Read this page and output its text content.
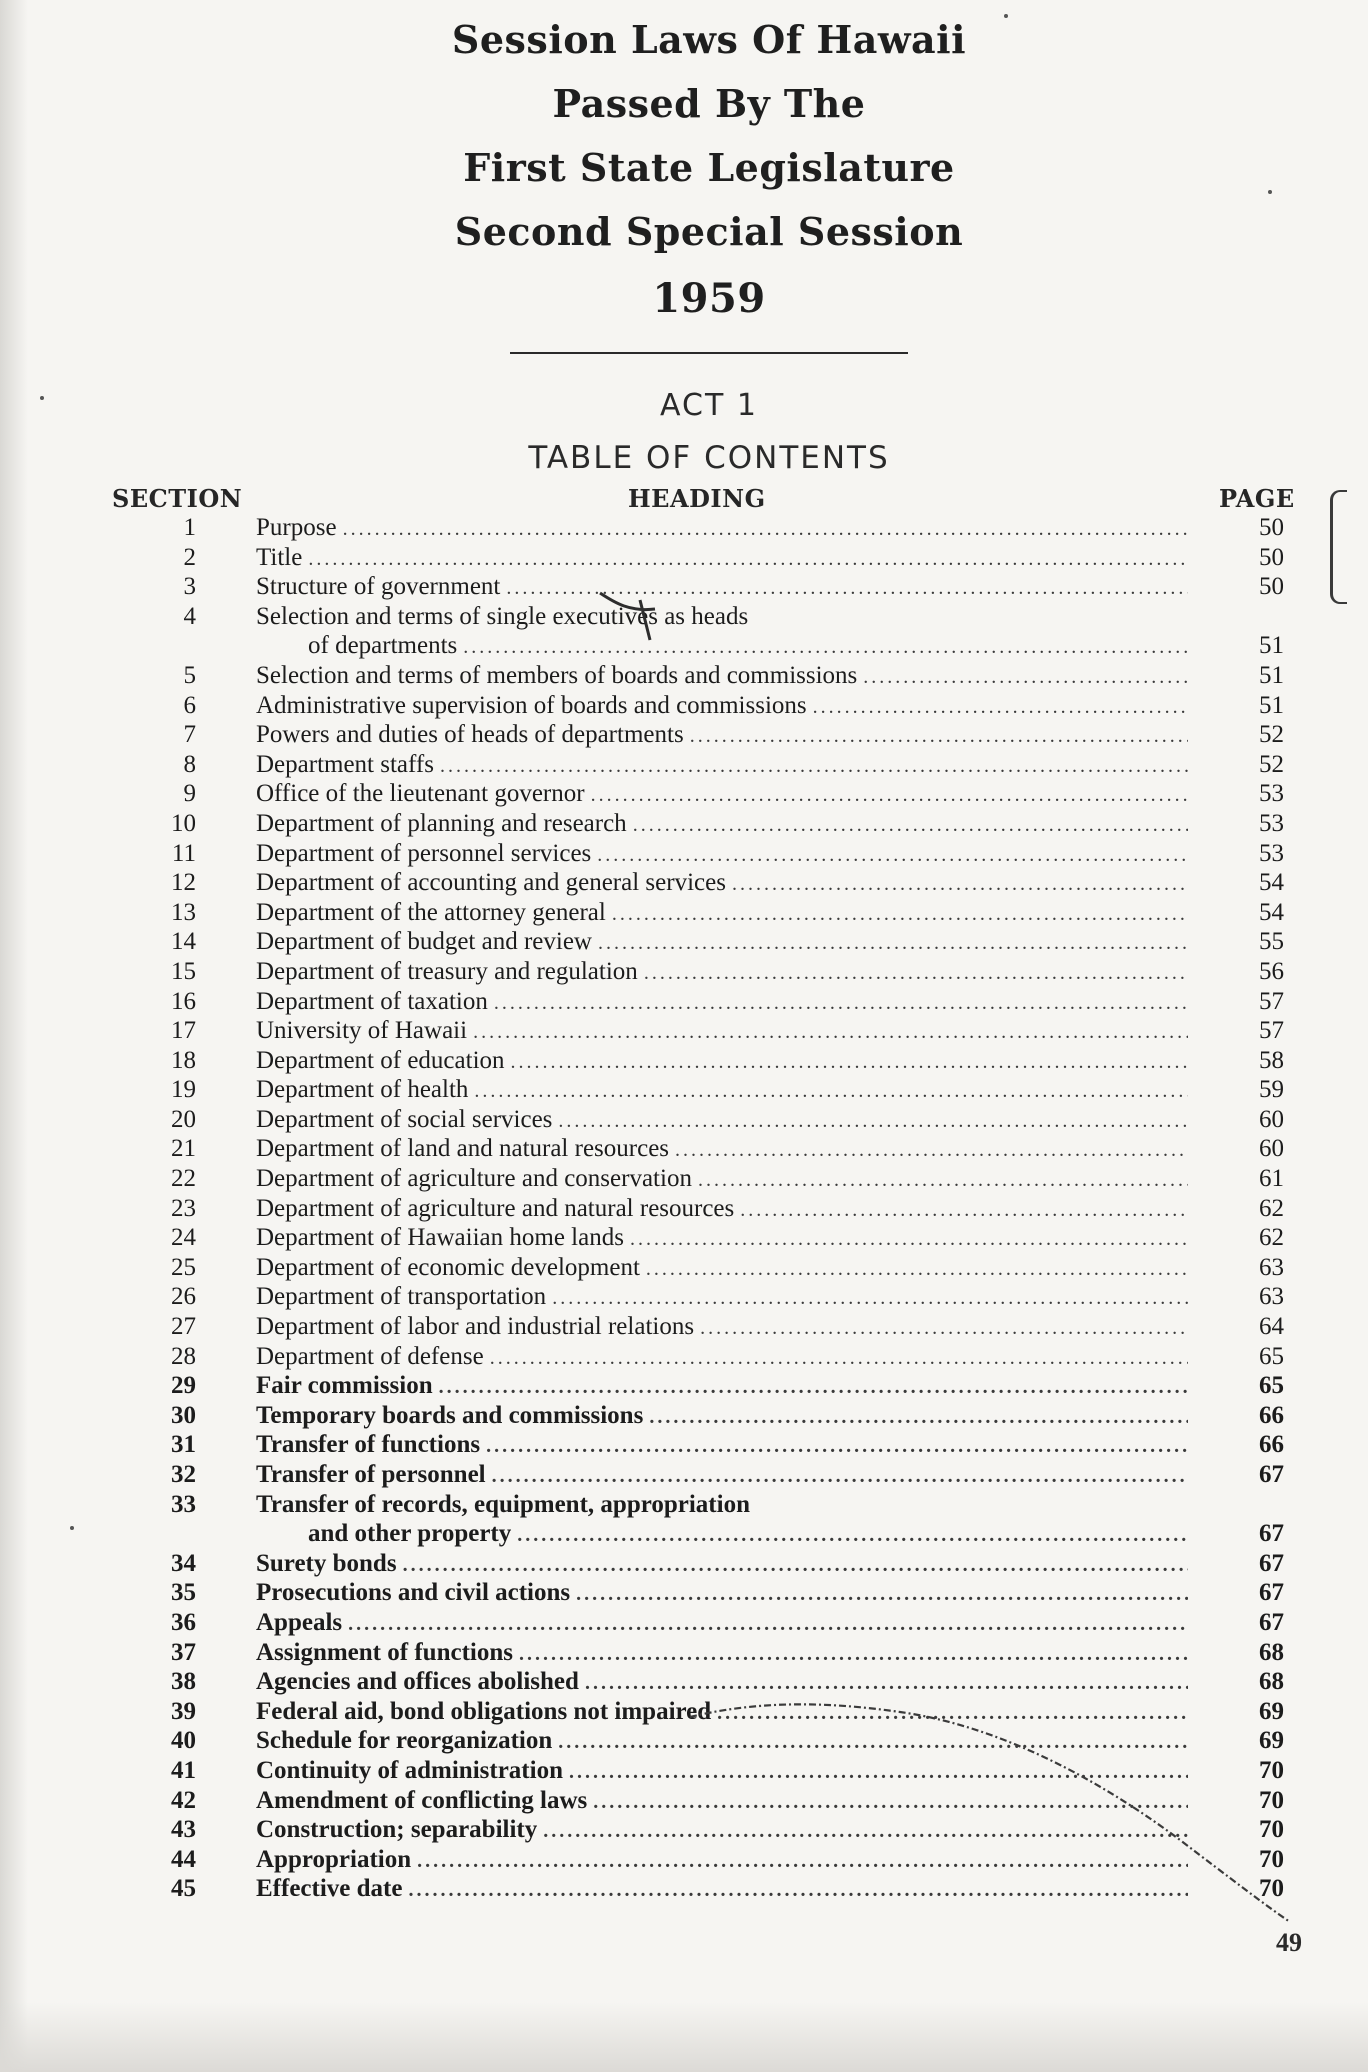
Session Laws Of Hawaii
Passed By The
First State Legislature
Second Special Session
1959
ACT 1
TABLE OF CONTENTS
SECTION	HEADING	PAGE
1 Purpose .....	50
2 Title .....	50
3 Structure of government .....	50
4 Selection and terms of single executives as heads
of departments .....	51
5 Selection and terms of members of boards and commissions .....	51
6 Administrative supervision of boards and commissions .....	51
7 Powers and duties of heads of departments .....	52
8 Department staffs .....	52
9 Office of the lieutenant governor .....	53
10 Department of planning and research .....	53
11 Department of personnel services .....	53
12 Department of accounting and general services .....	54
13 Department of the attorney general .....	54
14 Department of budget and review .....	55
15 Department of treasury and regulation .....	56
16 Department of taxation .....	57
17 University of Hawaii .....	57
18 Department of education .....	58
19 Department of health .....	59
20 Department of social services .....	60
21 Department of land and natural resources .....	60
22 Department of agriculture and conservation .....	61
23 Department of agriculture and natural resources .....	62
24 Department of Hawaiian home lands .....	62
25 Department of economic development .....	63
26 Department of transportation .....	63
27 Department of labor and industrial relations .....	64
28 Department of defense .....	65
29 Fair commission .....	65
30 Temporary boards and commissions .....	66
31 Transfer of functions .....	66
32 Transfer of personnel .....	67
33 Transfer of records, equipment, appropriation
and other property .....	67
34 Surety bonds .....	67
35 Prosecutions and civil actions .....	67
36 Appeals .....	67
37 Assignment of functions .....	68
38 Agencies and offices abolished .....	68
39 Federal aid, bond obligations not impaired .....	69
40 Schedule for reorganization .....	69
41 Continuity of administration .....	70
42 Amendment of conflicting laws .....	70
43 Construction; separability .....	70
44 Appropriation .....	70
45 Effective date .....	70
49
